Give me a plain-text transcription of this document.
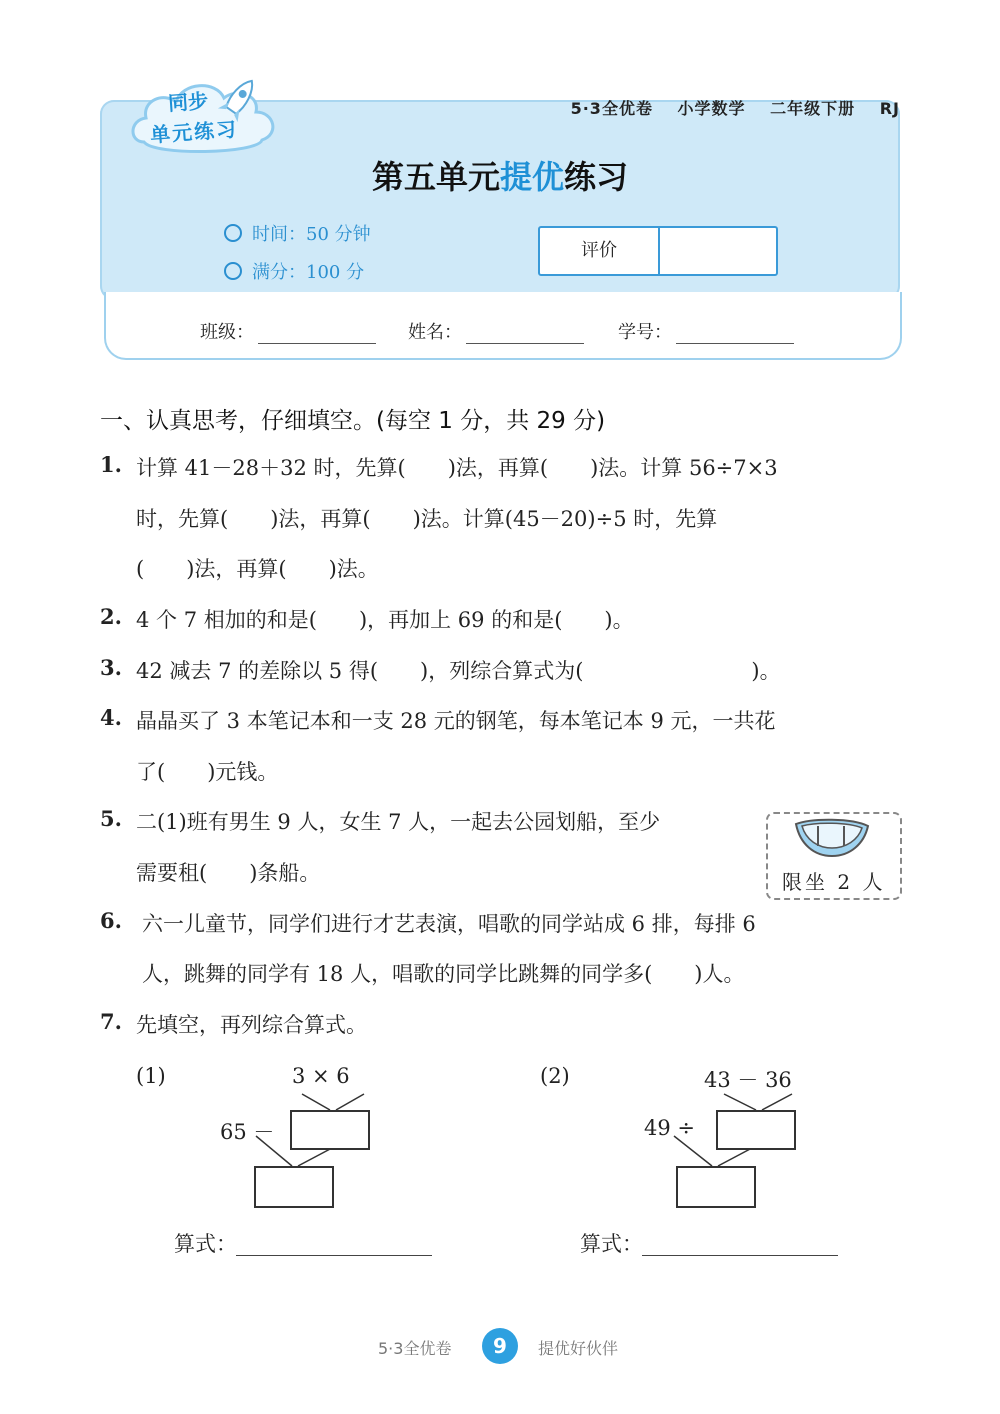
同步
单元练习
5·3全优卷 小学数学 二年级下册 RJ
第五单元提优练习
时间：50 分钟
满分：100 分
评价
班级：	姓名：	学号：
一、认真思考，仔细填空。(每空 1 分，共 29 分)
1. 计算 41－28＋32 时，先算(　　)法，再算(　　)法。计算 56÷7×3
时，先算(　　)法，再算(　　)法。计算(45－20)÷5 时，先算
(　　)法，再算(　　)法。
2. 4 个 7 相加的和是(　　)，再加上 69 的和是(　　)。
3. 42 减去 7 的差除以 5 得(　　)，列综合算式为(　　　　　　　　)。
4. 晶晶买了 3 本笔记本和一支 28 元的钢笔，每本笔记本 9 元，一共花
了(　　)元钱。
5. 二(1)班有男生 9 人，女生 7 人，一起去公园划船，至少
需要租(　　)条船。	限坐 2 人
6. 六一儿童节，同学们进行才艺表演，唱歌的同学站成 6 排，每排 6
人，跳舞的同学有 18 人，唱歌的同学比跳舞的同学多(　　)人。
7. 先填空，再列综合算式。
(1)	3 × 6
65 －
算式：
(2)	43 － 36
49 ÷
算式：
5·3全优卷	9	提优好伙伴
